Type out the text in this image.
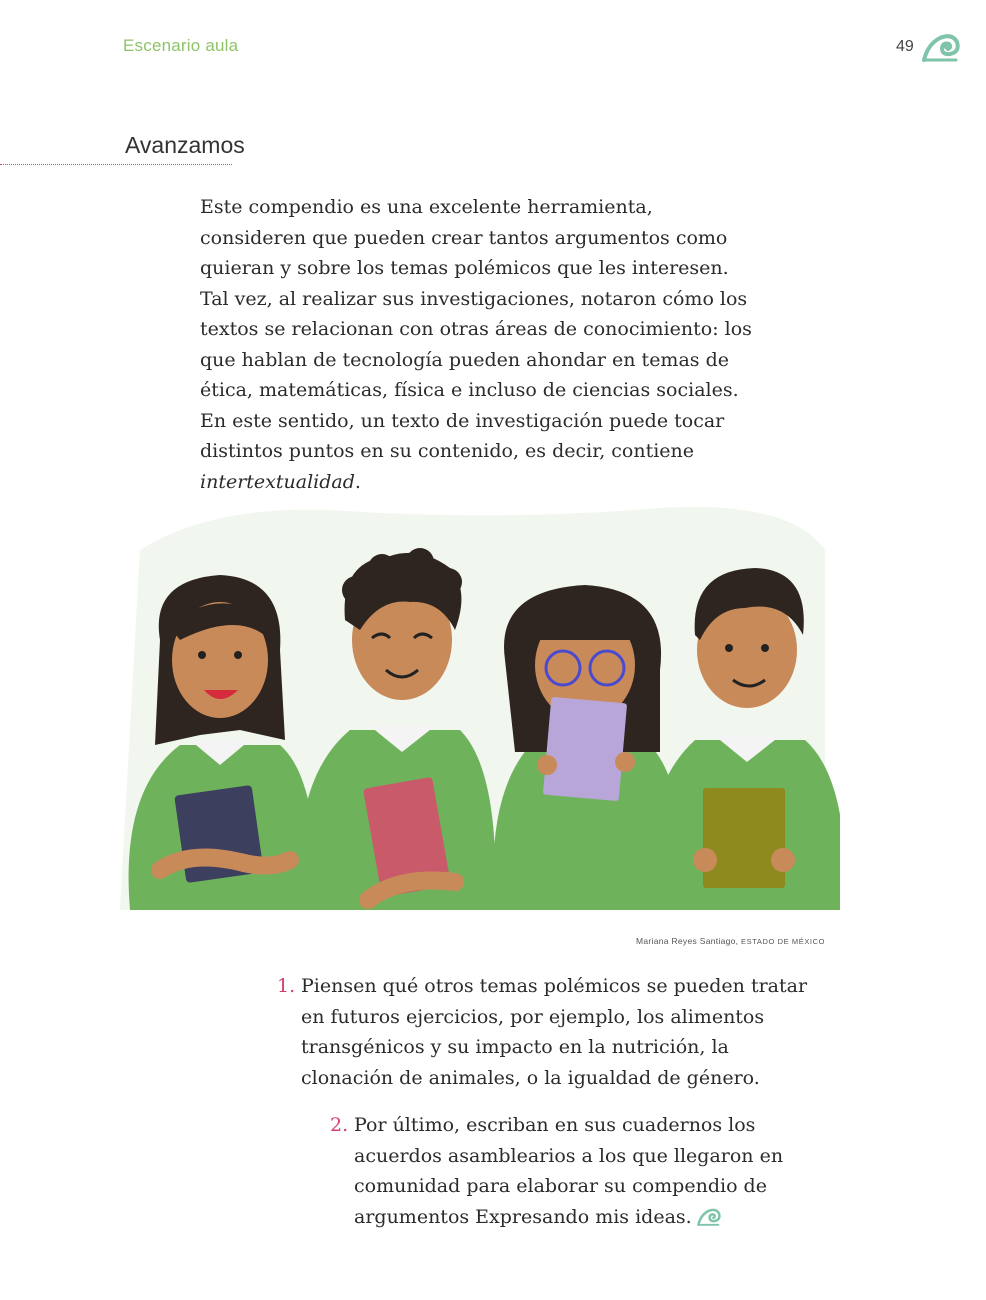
Escenario aula	49
Avanzamos

Este compendio es una excelente herramienta, consideren que pueden crear tantos argumentos como quieran y sobre los temas polémicos que les interesen. Tal vez, al realizar sus investigaciones, notaron cómo los textos se relacionan con otras áreas de conocimiento: los que hablan de tecnología pueden ahondar en temas de ética, matemáticas, física e incluso de ciencias sociales. En este sentido, un texto de investigación puede tocar distintos puntos en su contenido, es decir, contiene intertextualidad.

Mariana Reyes Santiago, ESTADO DE MÉXICO
1. Piensen qué otros temas polémicos se pueden tratar en futuros ejercicios, por ejemplo, los alimentos transgénicos y su impacto en la nutrición, la clonación de animales, o la igualdad de género.
2. Por último, escriban en sus cuadernos los acuerdos asamblearios a los que llegaron en comunidad para elaborar su compendio de argumentos Expresando mis ideas.
